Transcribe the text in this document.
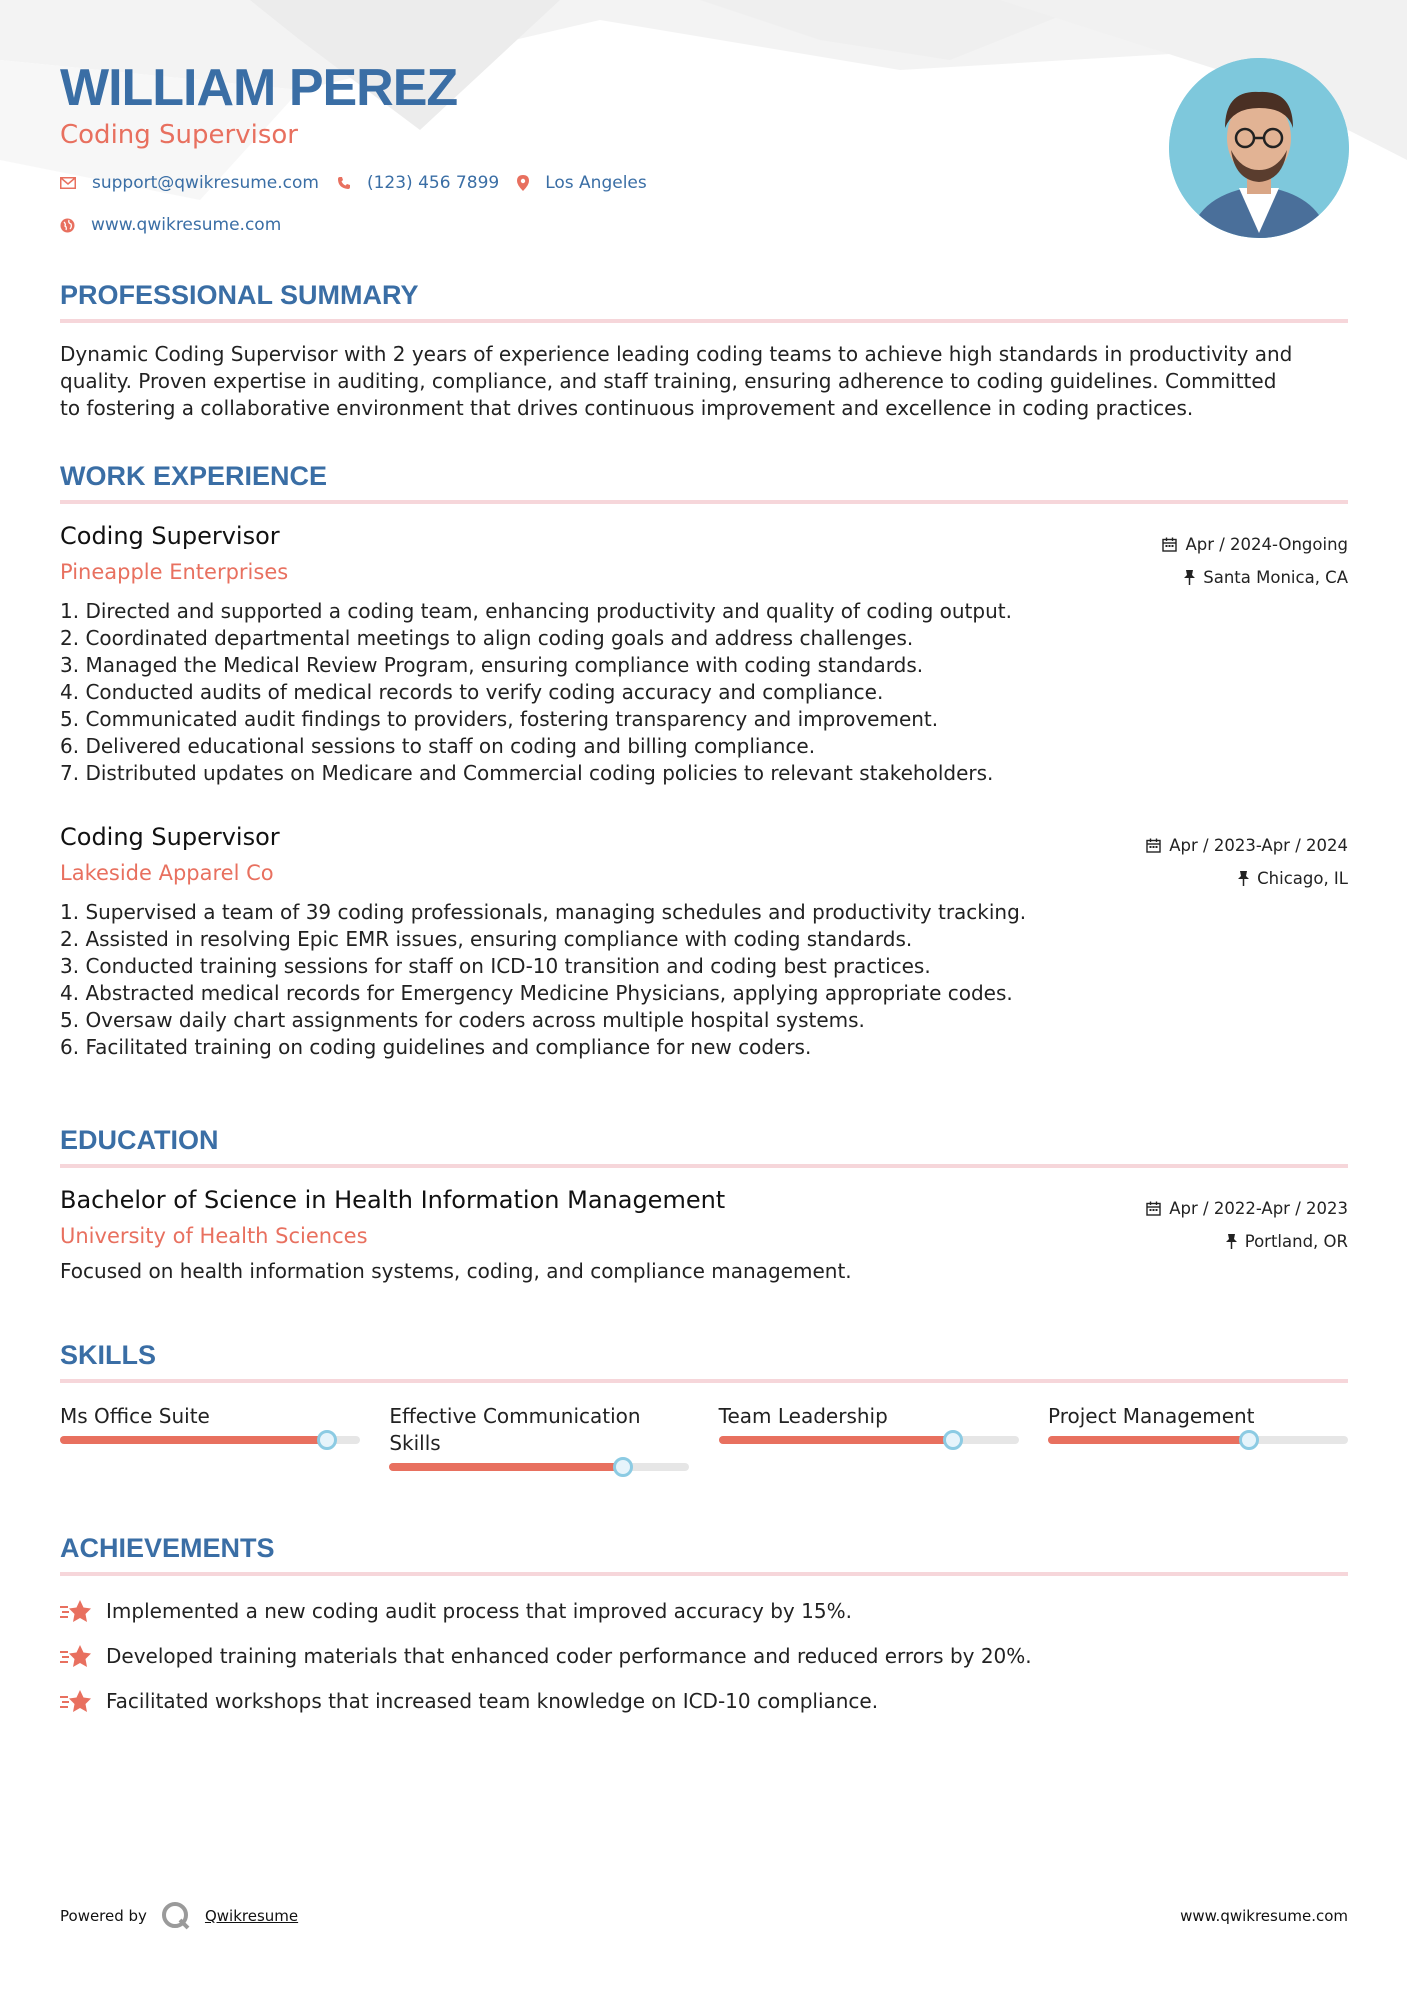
WILLIAM PEREZ
Coding Supervisor
support@qwikresume.com	(123) 456 7899	Los Angeles
www.qwikresume.com
PROFESSIONAL SUMMARY
Dynamic Coding Supervisor with 2 years of experience leading coding teams to achieve high standards in productivity and
quality. Proven expertise in auditing, compliance, and staff training, ensuring adherence to coding guidelines. Committed
to fostering a collaborative environment that drives continuous improvement and excellence in coding practices.
WORK EXPERIENCE
Coding Supervisor
Pineapple Enterprises
Apr / 2024-Ongoing
Santa Monica, CA
1. Directed and supported a coding team, enhancing productivity and quality of coding output.
2. Coordinated departmental meetings to align coding goals and address challenges.
3. Managed the Medical Review Program, ensuring compliance with coding standards.
4. Conducted audits of medical records to verify coding accuracy and compliance.
5. Communicated audit findings to providers, fostering transparency and improvement.
6. Delivered educational sessions to staff on coding and billing compliance.
7. Distributed updates on Medicare and Commercial coding policies to relevant stakeholders.
Coding Supervisor
Lakeside Apparel Co
Apr / 2023-Apr / 2024
Chicago, IL
1. Supervised a team of 39 coding professionals, managing schedules and productivity tracking.
2. Assisted in resolving Epic EMR issues, ensuring compliance with coding standards.
3. Conducted training sessions for staff on ICD-10 transition and coding best practices.
4. Abstracted medical records for Emergency Medicine Physicians, applying appropriate codes.
5. Oversaw daily chart assignments for coders across multiple hospital systems.
6. Facilitated training on coding guidelines and compliance for new coders.
EDUCATION
Bachelor of Science in Health Information Management
University of Health Sciences
Apr / 2022-Apr / 2023
Portland, OR
Focused on health information systems, coding, and compliance management.
SKILLS
Ms Office Suite	Effective Communication Skills
Team Leadership	Project Management
ACHIEVEMENTS
Implemented a new coding audit process that improved accuracy by 15%.
Developed training materials that enhanced coder performance and reduced errors by 20%.
Facilitated workshops that increased team knowledge on ICD-10 compliance.
Powered by	Qwikresume	www.qwikresume.com
